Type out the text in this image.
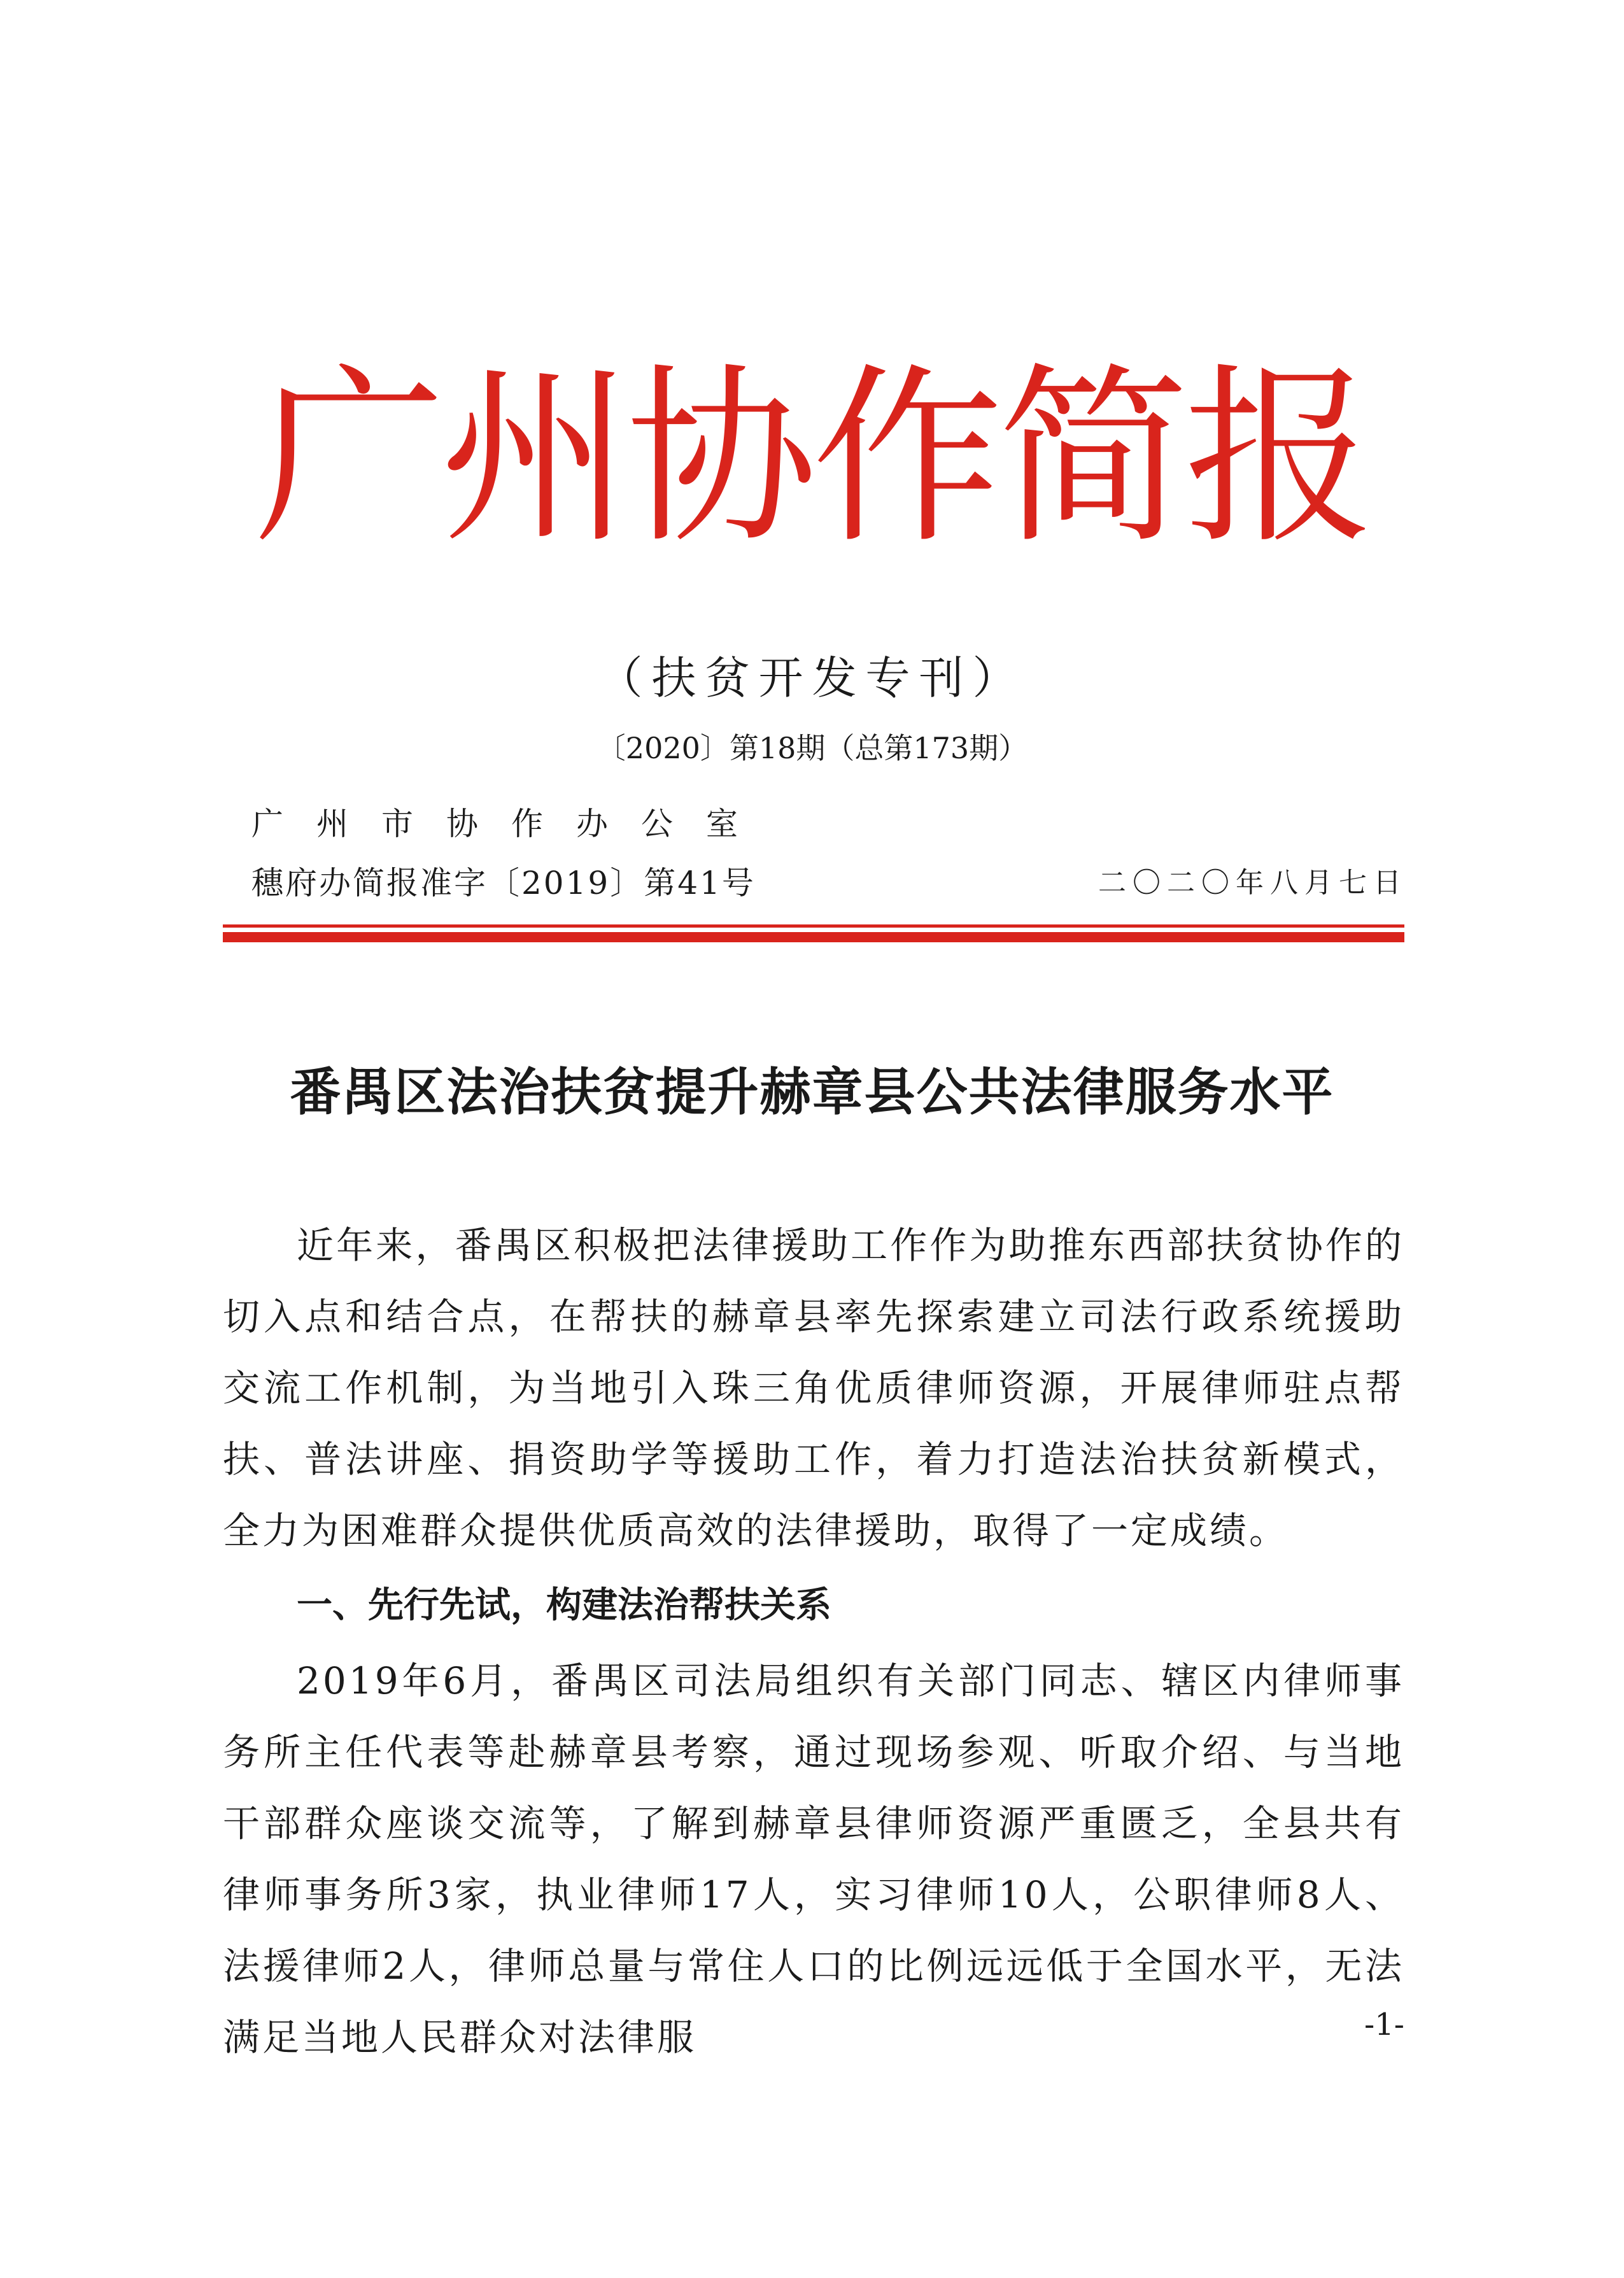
广州协作简报
（扶贫开发专刊）
〔2020〕第18期（总第173期）
广州市协作办公室
穗府办简报准字〔2019〕第41号	二〇二〇年八月七日
番禺区法治扶贫提升赫章县公共法律服务水平
近年来，番禺区积极把法律援助工作作为助推东西部扶贫协作的切入点和结合点，在帮扶的赫章县率先探索建立司法行政系统援助交流工作机制，为当地引入珠三角优质律师资源，开展律师驻点帮扶、普法讲座、捐资助学等援助工作，着力打造法治扶贫新模式，全力为困难群众提供优质高效的法律援助，取得了一定成绩。
一、先行先试，构建法治帮扶关系
2019年6月，番禺区司法局组织有关部门同志、辖区内律师事务所主任代表等赴赫章县考察，通过现场参观、听取介绍、与当地干部群众座谈交流等，了解到赫章县律师资源严重匮乏，全县共有律师事务所3家，执业律师17人，实习律师10人，公职律师8人、法援律师2人，律师总量与常住人口的比例远远低于全国水平，无法满足当地人民群众对法律服	-1-
